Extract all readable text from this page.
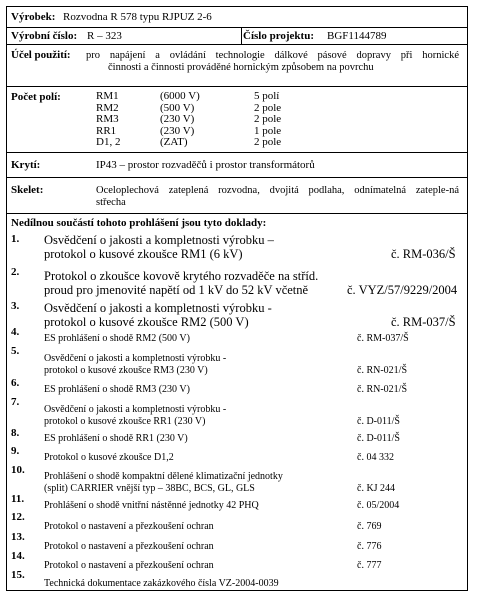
Výrobek: Rozvodna R 578 typu RJPUZ 2-6
Výrobní číslo: R – 323	Číslo projektu: BGF1144789
Účel použití: pro napájení a ovládání technologie dálkové pásové dopravy při hornické
činnosti a činnosti prováděné hornickým způsobem na povrchu
Počet polí:	RM1	(6000 V)	5 polí
RM2	(500 V)	2 pole
RM3	(230 V)	2 pole
RR1	(230 V)	1 pole
D1, 2	(ZAT)	2 pole
Krytí:	IP43 – prostor rozvaděčů i prostor transformátorů
Skelet:	Oceloplechová zateplená rozvodna, dvojitá podlaha, odnímatelná zateple-ná
střecha
Nedílnou součástí tohoto prohlášení jsou tyto doklady:
1. Osvědčení o jakosti a kompletnosti výrobku –
protokol o kusové zkoušce RM1 (6 kV)	č. RM-036/Š
2. Protokol o zkoušce kovově krytého rozvaděče na stříd.
proud pro jmenovité napětí od 1 kV do 52 kV včetně	č. VYZ/57/9229/2004
3. Osvědčení o jakosti a kompletnosti výrobku -
protokol o kusové zkoušce RM2 (500 V)	č. RM-037/Š
4.
ES prohlášení o shodě RM2 (500 V)	č. RM-037/Š
5.
Osvědčení o jakosti a kompletnosti výrobku -
protokol o kusové zkoušce RM3 (230 V)	č. RN-021/Š
6.
ES prohlášení o shodě RM3 (230 V)	č. RN-021/Š
7.
Osvědčení o jakosti a kompletnosti výrobku -
protokol o kusové zkoušce RR1 (230 V)	č. D-011/Š
8. ES prohlášení o shodě RR1 (230 V)	č. D-011/Š
9.
Protokol o kusové zkoušce D1,2	č. 04 332
10.
Prohlášení o shodě kompaktní dělené klimatizační jednotky
(split) CARRIER vnější typ – 38BC, BCS, GL, GLS	č. KJ 244
11.
Prohlášení o shodě vnitřní nástěnné jednotky 42 PHQ	č. 05/2004
12.
Protokol o nastavení a přezkoušení ochran	č. 769
13.
Protokol o nastavení a přezkoušení ochran	č. 776
14.
Protokol o nastavení a přezkoušení ochran	č. 777
15.
Technická dokumentace zakázkového čísla VZ-2004-0039
